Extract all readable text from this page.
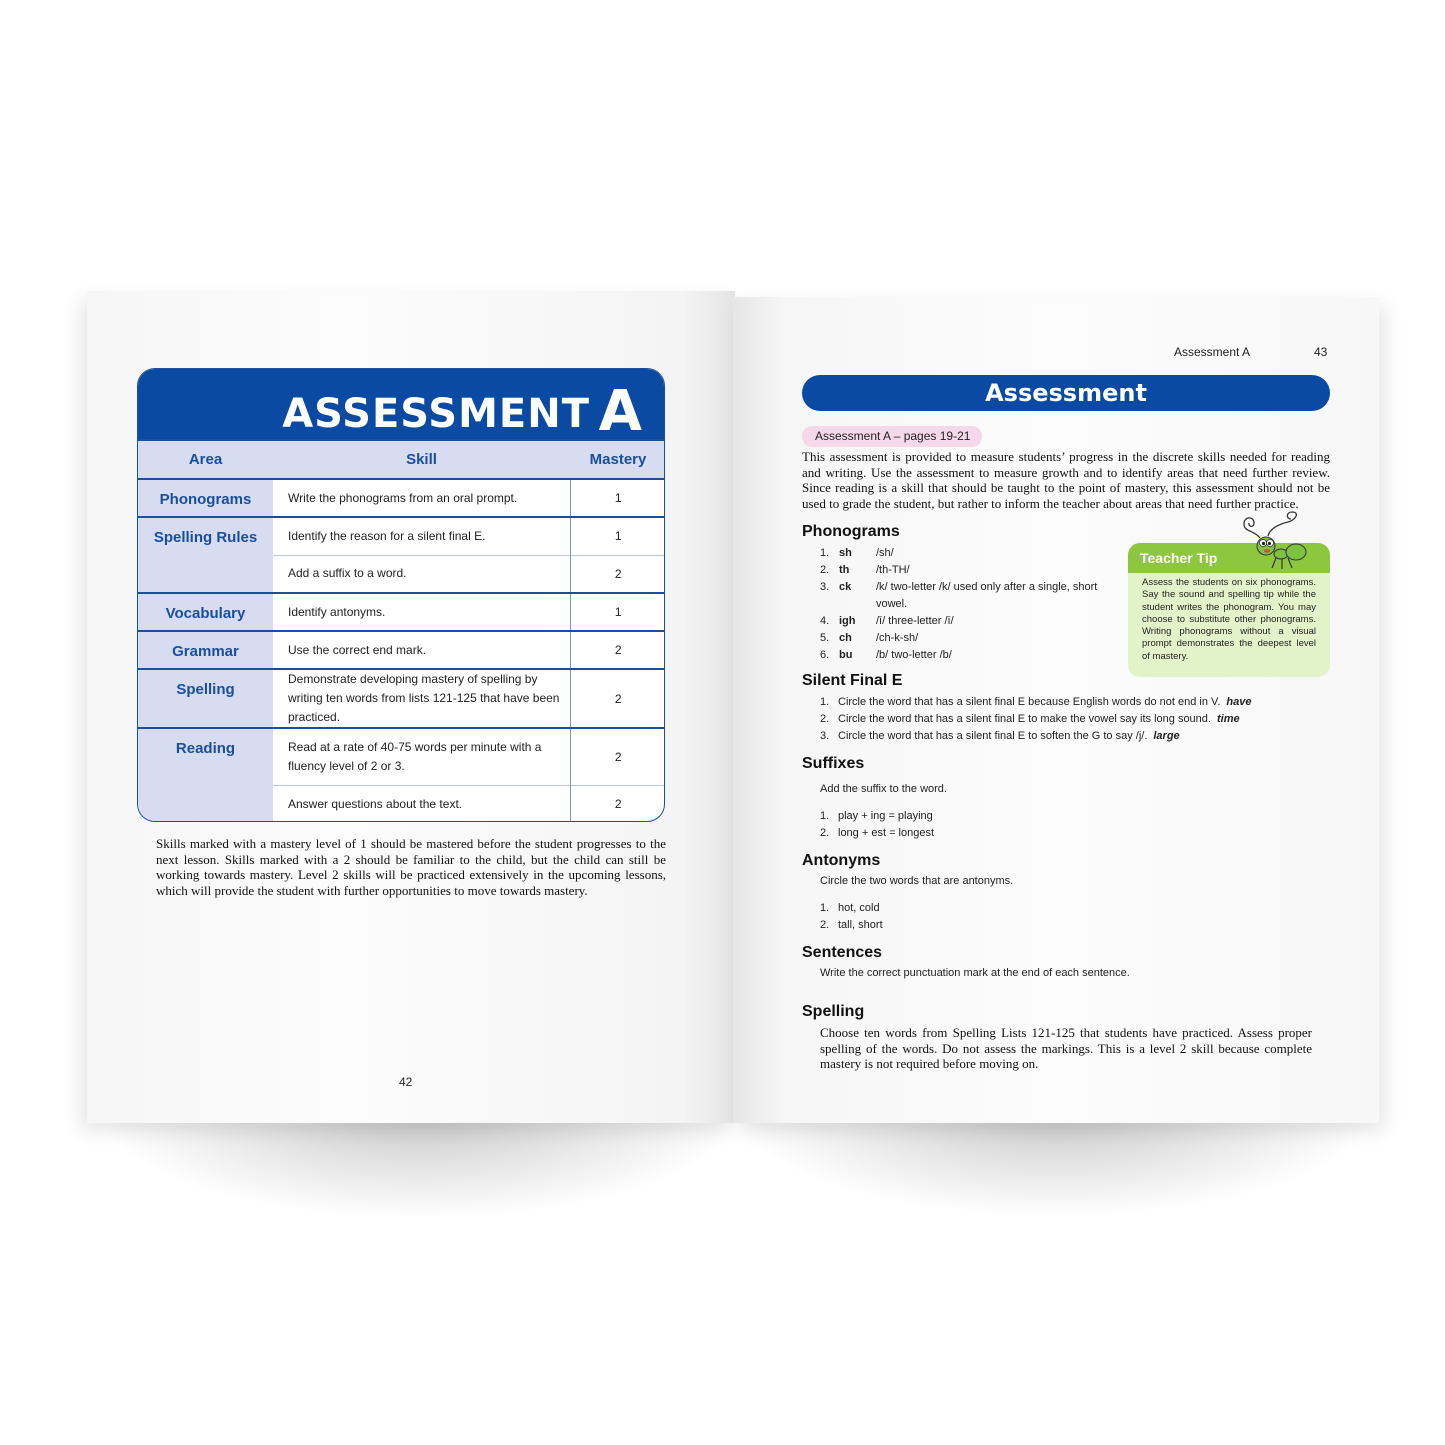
ASSESSMENT A
Area	Skill	Mastery
Phonograms	Write the phonograms from an oral prompt.	1
Spelling Rules	Identify the reason for a silent final E.	1
	Add a suffix to a word.	2
Vocabulary	Identify antonyms.	1
Grammar	Use the correct end mark.	2
Spelling	Demonstrate developing mastery of spelling by writing ten words from lists 121-125 that have been practiced.	2
Reading	Read at a rate of 40-75 words per minute with a fluency level of 2 or 3.	2
	Answer questions about the text.	2
Skills marked with a mastery level of 1 should be mastered before the student progresses to the next lesson. Skills marked with a 2 should be familiar to the child, but the child can still be working towards mastery. Level 2 skills will be practiced extensively in the upcoming lessons, which will provide the student with further opportunities to move towards mastery.
42
Assessment A	43
Assessment
Assessment A – pages 19-21
This assessment is provided to measure students’ progress in the discrete skills needed for reading and writing. Use the assessment to measure growth and to identify areas that need further review. Since reading is a skill that should be taught to the point of mastery, this assessment should not be used to grade the student, but rather to inform the teacher about areas that need further practice.
Phonograms
1. sh /sh/
2. th /th-TH/
3. ck /k/ two-letter /k/ used only after a single, short vowel.
4. igh /ī/ three-letter /ī/
5. ch /ch-k-sh/
6. bu /b/ two-letter /b/
Teacher Tip
Assess the students on six phonograms. Say the sound and spelling tip while the student writes the phonogram. You may choose to substitute other phonograms. Writing phonograms without a visual prompt demonstrates the deepest level of mastery.
Silent Final E
1. Circle the word that has a silent final E because English words do not end in V. have
2. Circle the word that has a silent final E to make the vowel say its long sound. time
3. Circle the word that has a silent final E to soften the G to say /j/. large
Suffixes
Add the suffix to the word.
1. play + ing = playing
2. long + est = longest
Antonyms
Circle the two words that are antonyms.
1. hot, cold
2. tall, short
Sentences
Write the correct punctuation mark at the end of each sentence.
Spelling
Choose ten words from Spelling Lists 121-125 that students have practiced. Assess proper spelling of the words. Do not assess the markings. This is a level 2 skill because complete mastery is not required before moving on.
